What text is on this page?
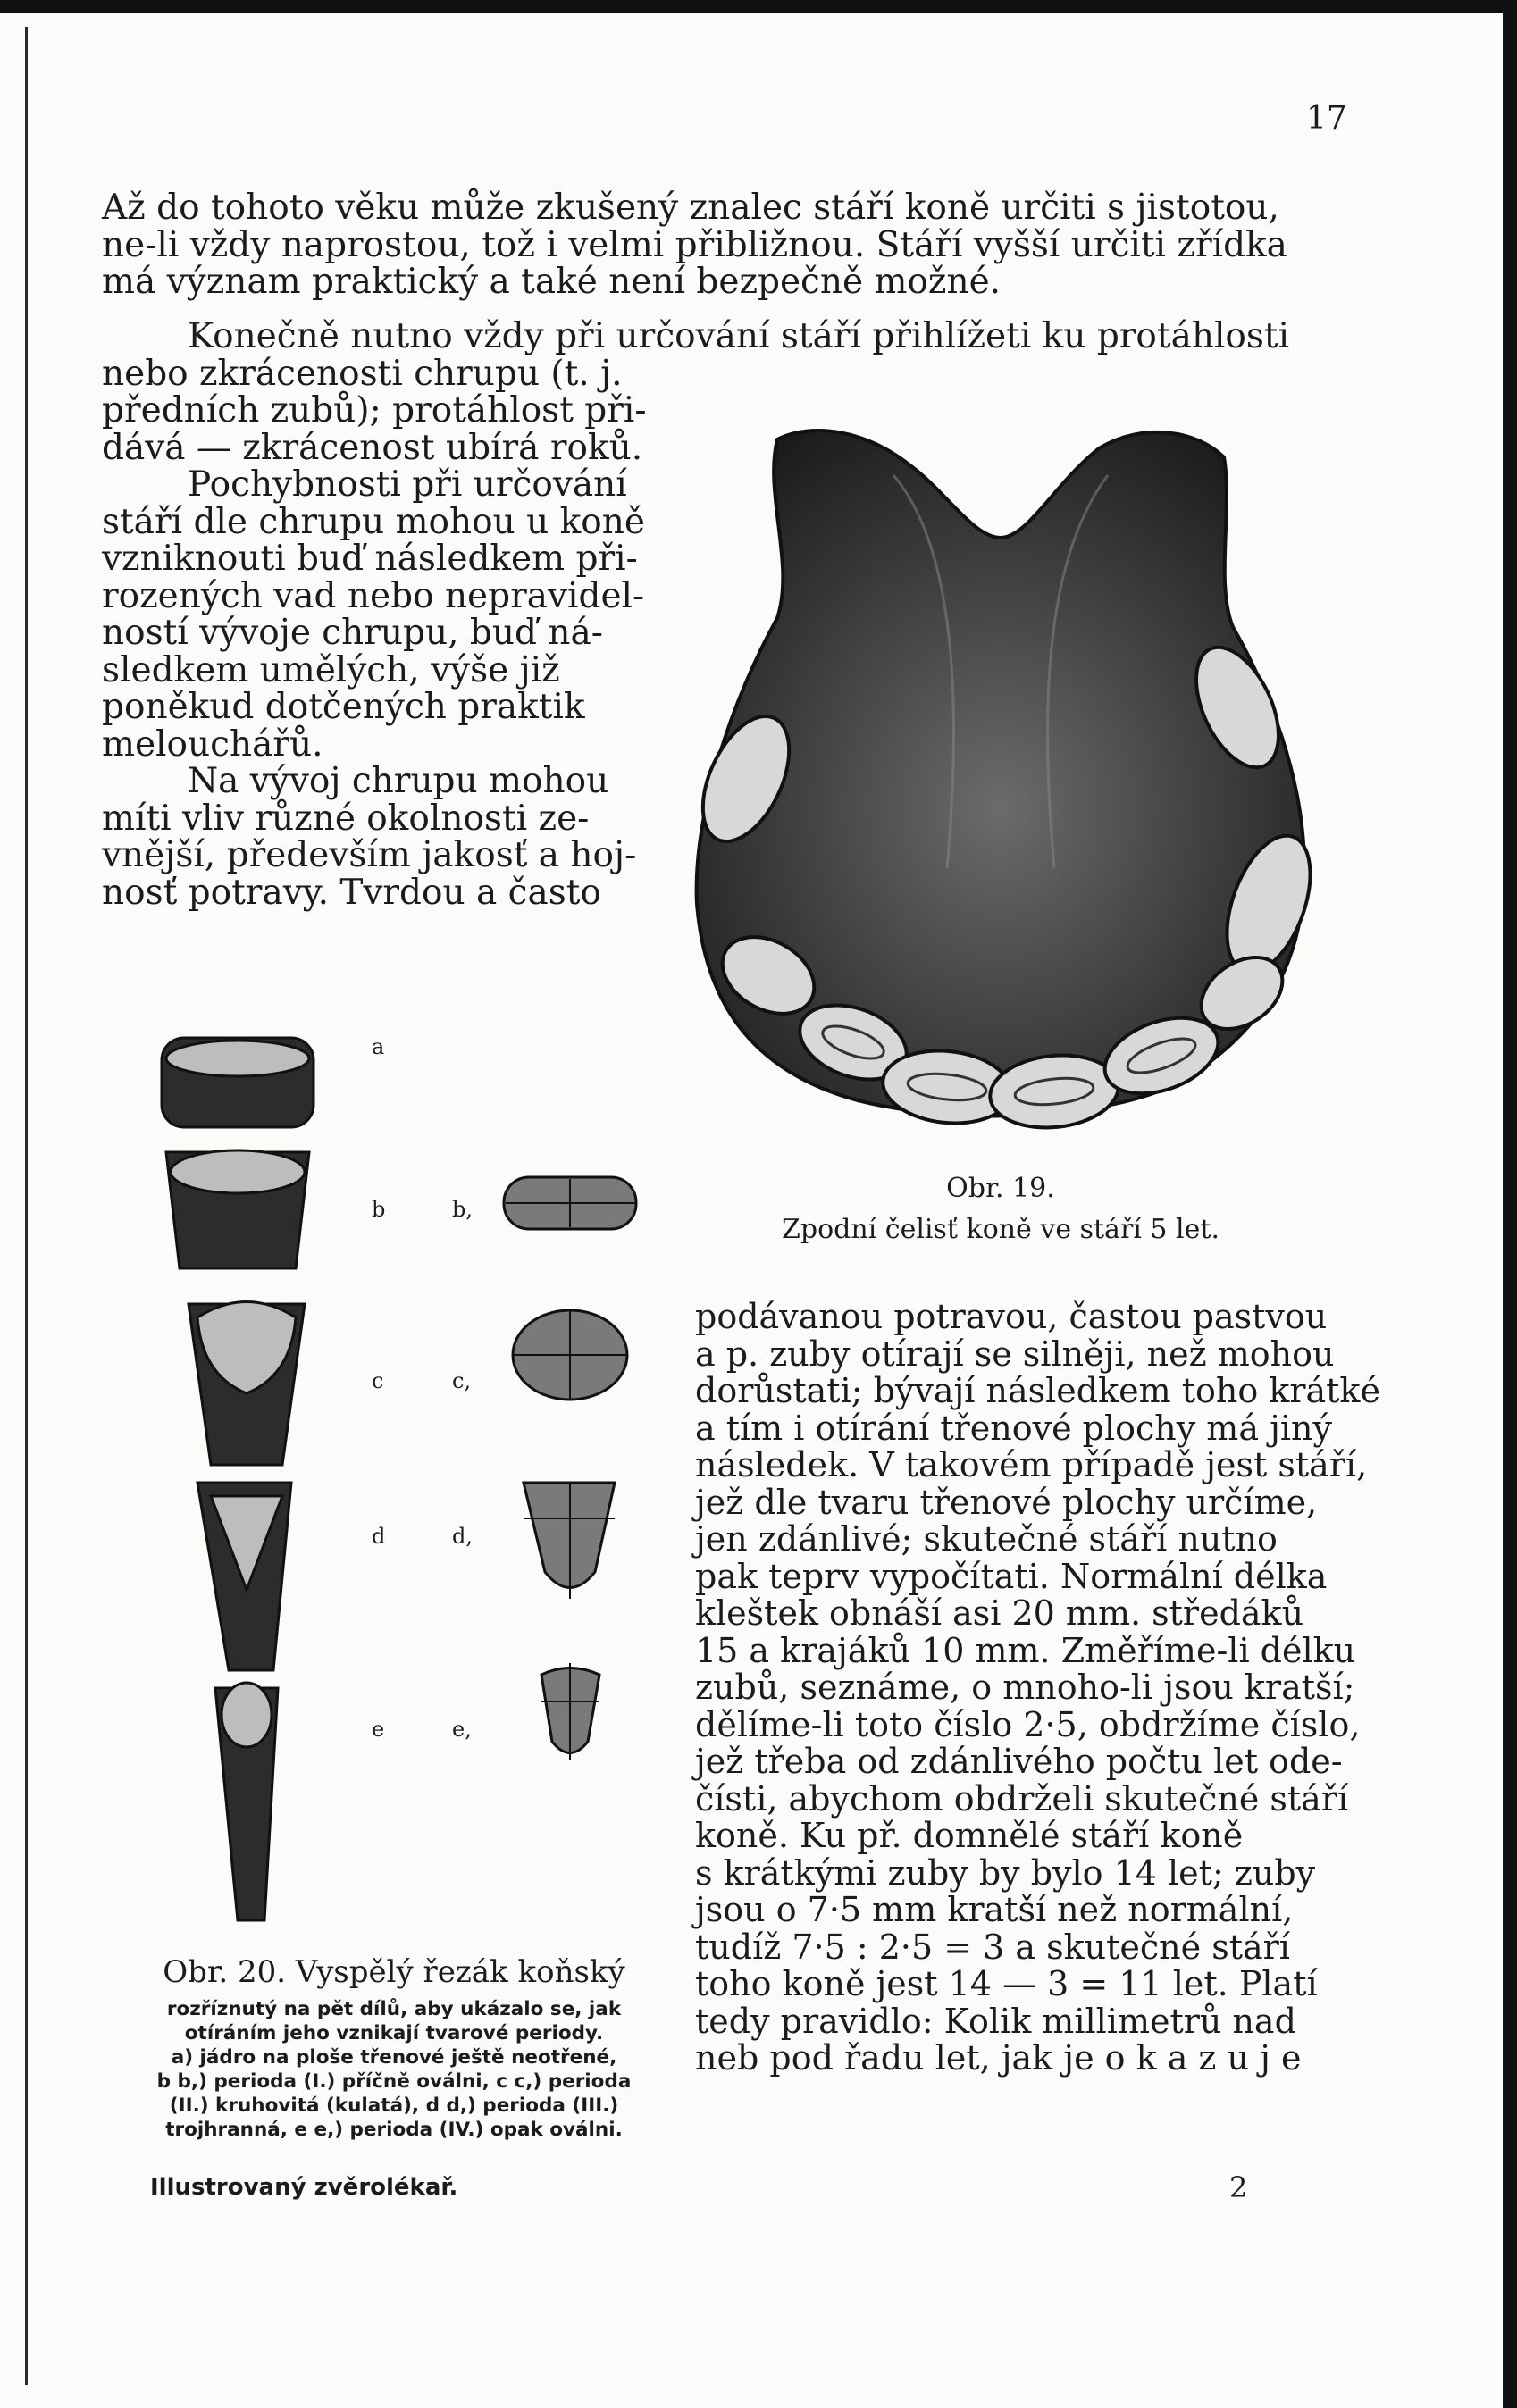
17
Až do tohoto věku může zkušený znalec stáří koně určiti s jistotou,
ne-li vždy naprostou, tož i velmi přibližnou. Stáří vyšší určiti zřídka
má význam praktický a také není bezpečně možné.
Konečně nutno vždy při určování stáří přihlížeti ku protáhlosti
nebo zkrácenosti chrupu (t. j.
předních zubů); protáhlost při-
dává — zkrácenost ubírá roků.
Pochybnosti při určování
stáří dle chrupu mohou u koně
vzniknouti buď následkem při-
rozených vad nebo nepravidel-
ností vývoje chrupu, buď ná-
sledkem umělých, výše již
poněkud dotčených praktik
melouchářů.
Na vývoj chrupu mohou
míti vliv různé okolnosti ze-
vnější, především jakosť a hoj-
nosť potravy. Tvrdou a často
Obr. 19.
Zpodní čelisť koně ve stáří 5 let.
a
b
c
d
e
b,
c,
d,
e,
Obr. 20. Vyspělý řezák koňský
rozříznutý na pět dílů, aby ukázalo se, jak
otíráním jeho vznikají tvarové periody.
a) jádro na ploše třenové ještě neotřené,
b b,) perioda (I.) příčně oválni, c c,) perioda
(II.) kruhovitá (kulatá), d d,) perioda (III.)
trojhranná, e e,) perioda (IV.) opak oválni.
podávanou potravou, častou pastvou
a p. zuby otírají se silněji, než mohou
dorůstati; bývají následkem toho krátké
a tím i otírání třenové plochy má jiný
následek. V takovém případě jest stáří,
jež dle tvaru třenové plochy určíme,
jen zdánlivé; skutečné stáří nutno
pak teprv vypočítati. Normální délka
kleštek obnáší asi 20 mm. středáků
15 a krajáků 10 mm. Změříme-li délku
zubů, seznáme, o mnoho-li jsou kratší;
dělíme-li toto číslo 2·5, obdržíme číslo,
jež třeba od zdánlivého počtu let ode-
čísti, abychom obdrželi skutečné stáří
koně. Ku př. domnělé stáří koně
s krátkými zuby by bylo 14 let; zuby
jsou o 7·5 mm kratší než normální,
tudíž 7·5 : 2·5 = 3 a skutečné stáří
toho koně jest 14 — 3 = 11 let. Platí
tedy pravidlo: Kolik millimetrů nad
neb pod řadu let, jak je o k a z u j e
Illustrovaný zvěrolékař.	2
